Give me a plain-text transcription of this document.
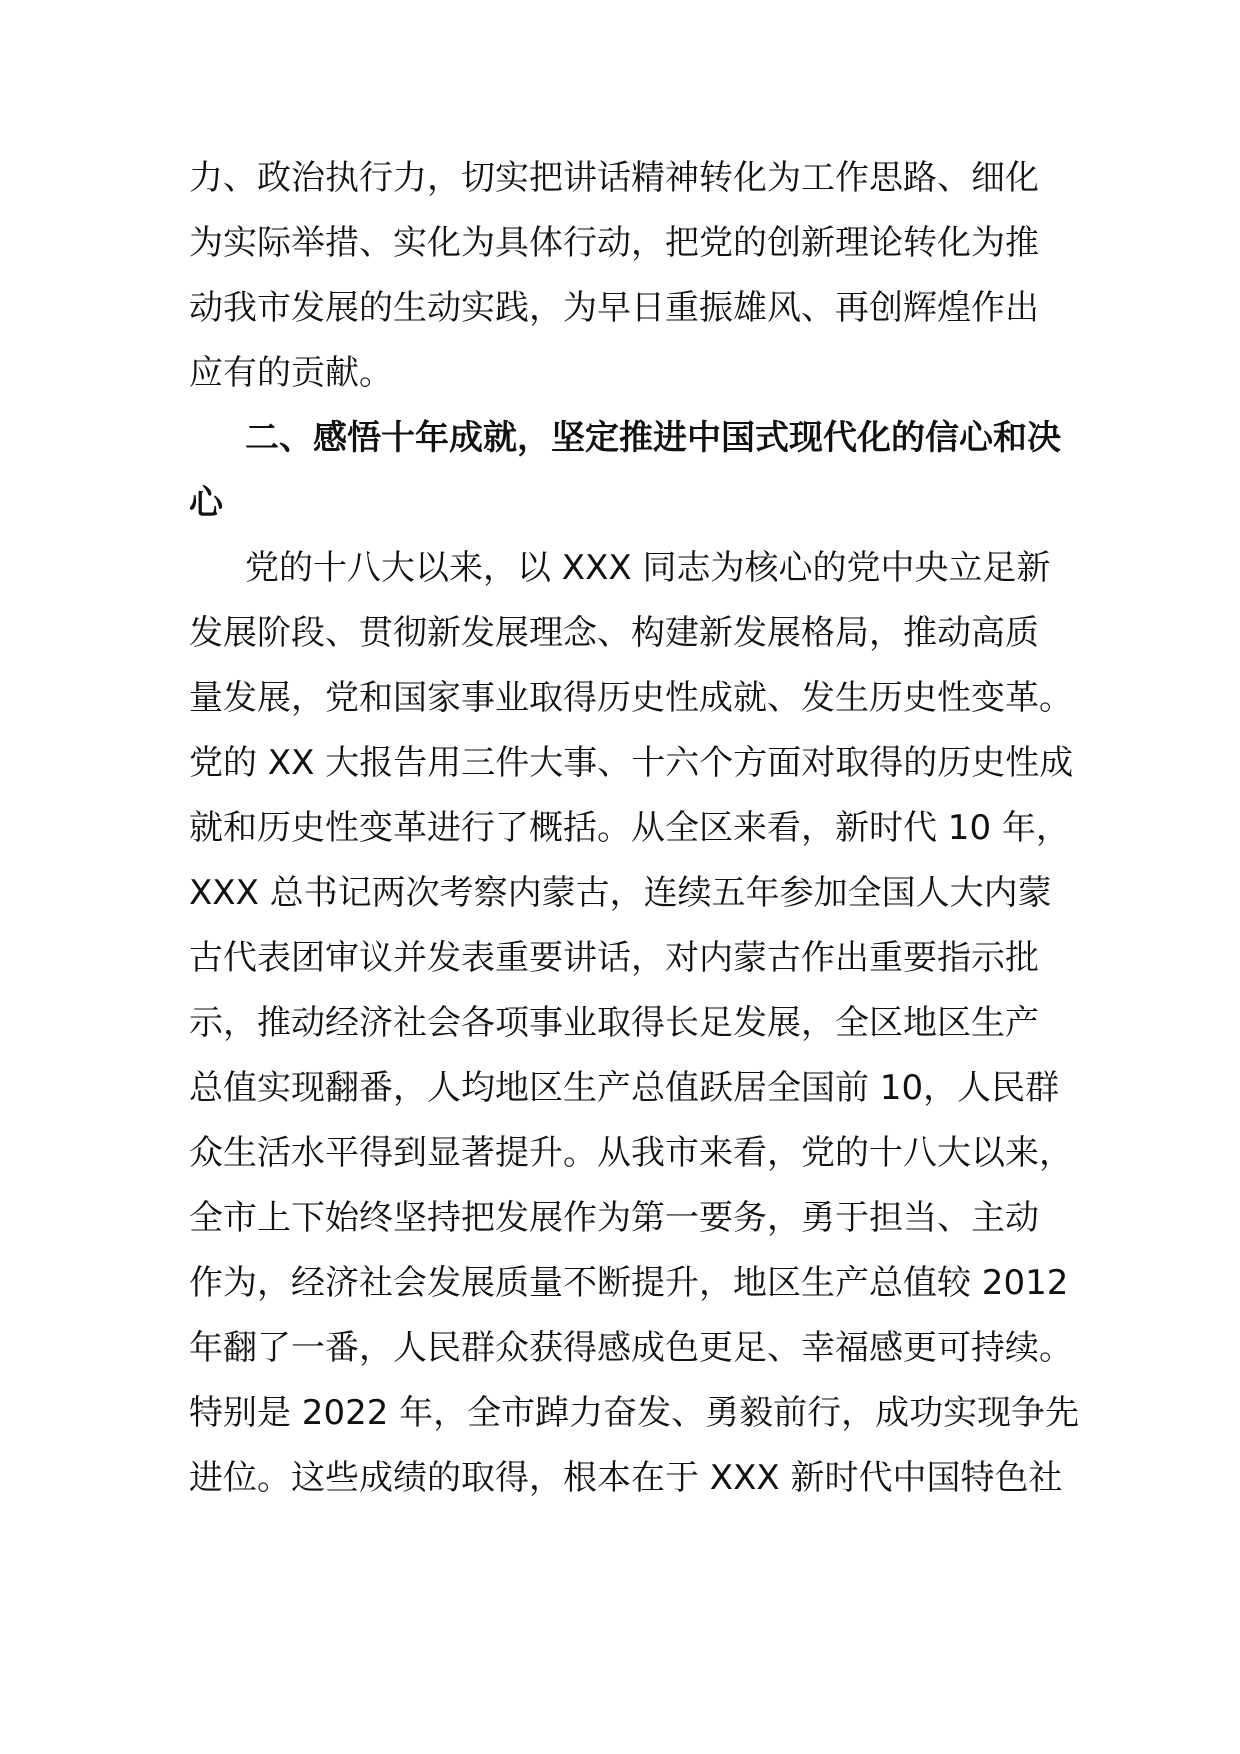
力、政治执行力，切实把讲话精神转化为工作思路、细化
为实际举措、实化为具体行动，把党的创新理论转化为推
动我市发展的生动实践，为早日重振雄风、再创辉煌作出
应有的贡献。
二、感悟十年成就，坚定推进中国式现代化的信心和决
心
党的十八大以来，以 XXX 同志为核心的党中央立足新
发展阶段、贯彻新发展理念、构建新发展格局，推动高质
量发展，党和国家事业取得历史性成就、发生历史性变革。
党的 XX 大报告用三件大事、十六个方面对取得的历史性成
就和历史性变革进行了概括。从全区来看，新时代 10 年，
XXX 总书记两次考察内蒙古，连续五年参加全国人大内蒙
古代表团审议并发表重要讲话，对内蒙古作出重要指示批
示，推动经济社会各项事业取得长足发展，全区地区生产
总值实现翻番，人均地区生产总值跃居全国前 10，人民群
众生活水平得到显著提升。从我市来看，党的十八大以来，
全市上下始终坚持把发展作为第一要务，勇于担当、主动
作为，经济社会发展质量不断提升，地区生产总值较 2012
年翻了一番，人民群众获得感成色更足、幸福感更可持续。
特别是 2022 年，全市踔力奋发、勇毅前行，成功实现争先
进位。这些成绩的取得，根本在于 XXX 新时代中国特色社
